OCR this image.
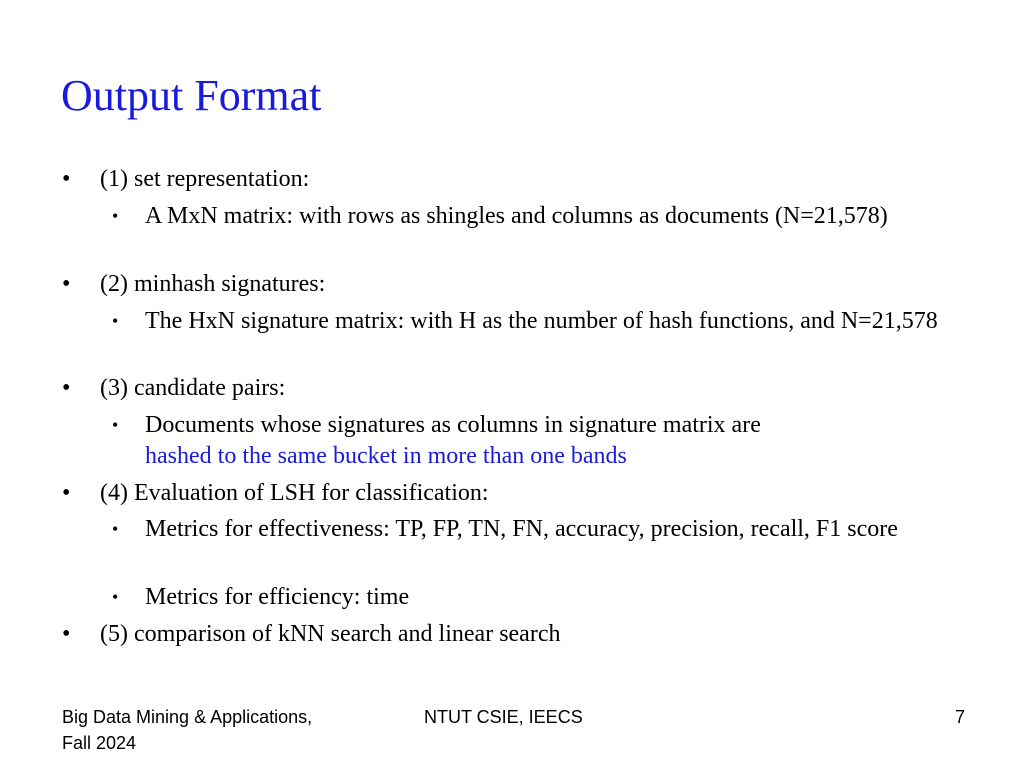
Output Format
• (1) set representation:
• A MxN matrix: with rows as shingles and columns as documents (N=21,578)
• (2) minhash signatures:
• The HxN signature matrix: with H as the number of hash functions, and N=21,578
• (3) candidate pairs:
• Documents whose signatures as columns in signature matrix are
hashed to the same bucket in more than one bands
• (4) Evaluation of LSH for classification:
• Metrics for effectiveness: TP, FP, TN, FN, accuracy, precision, recall, F1 score
• Metrics for efficiency: time
• (5) comparison of kNN search and linear search
Big Data Mining & Applications, Fall 2024
NTUT CSIE, IEECS	7
